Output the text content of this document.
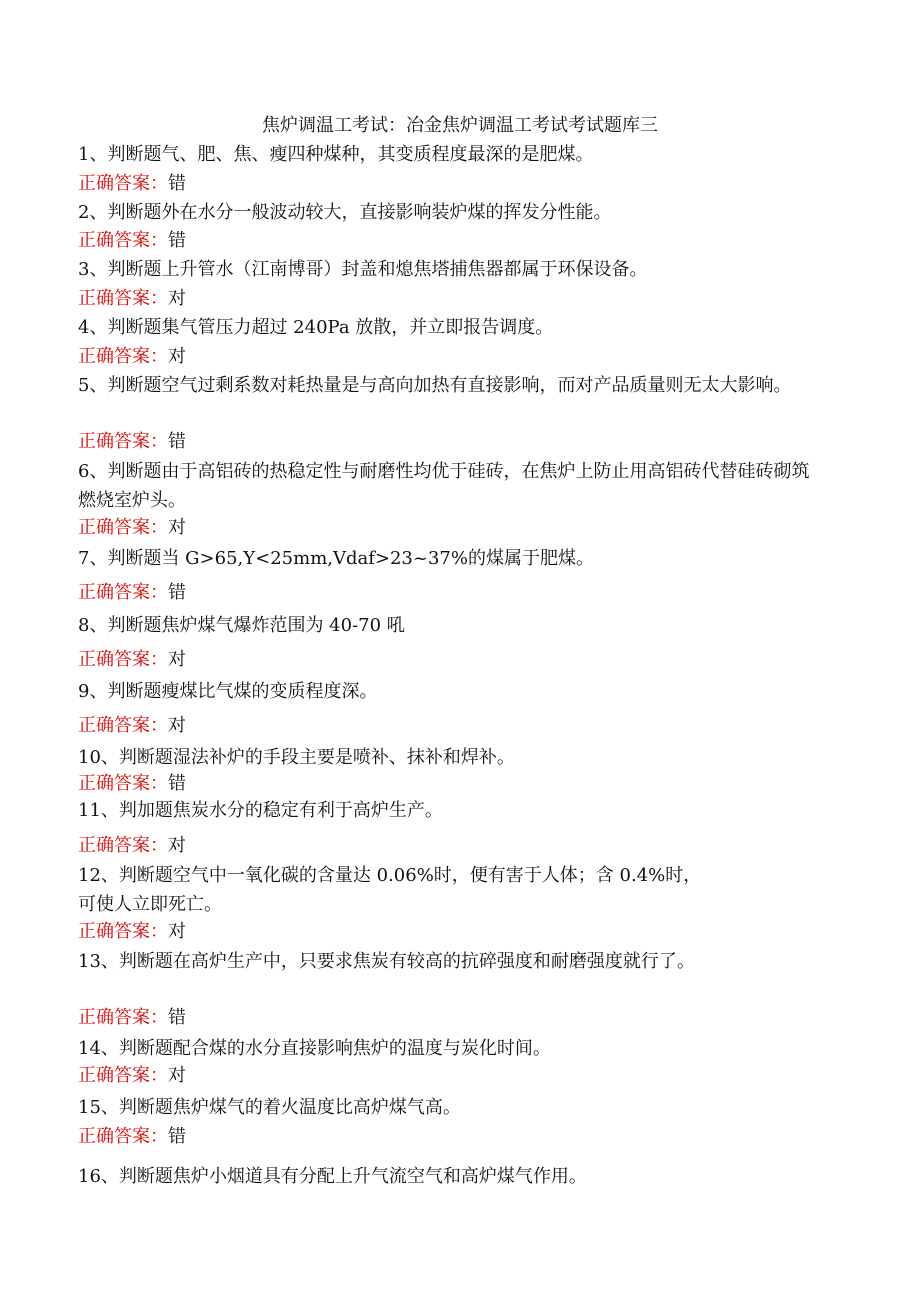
焦炉调温工考试：冶金焦炉调温工考试考试题库三
1、判断题气、肥、焦、瘦四种煤种，其变质程度最深的是肥煤。
正确答案：错
2、判断题外在水分一般波动较大，直接影响装炉煤的挥发分性能。
正确答案：错
3、判断题上升管水（江南博哥）封盖和熄焦塔捕焦器都属于环保设备。
正确答案：对
4、判断题集气管压力超过 240Pa 放散，并立即报告调度。
正确答案：对
5、判断题空气过剩系数对耗热量是与高向加热有直接影响，而对产品质量则无太大影响。
正确答案：错
6、判断题由于高铝砖的热稳定性与耐磨性均优于硅砖，在焦炉上防止用高铝砖代替硅砖砌筑燃烧室炉头。
正确答案：对
7、判断题当 G>65,Y<25mm,Vdaf>23~37%的煤属于肥煤。
正确答案：错
8、判断题焦炉煤气爆炸范围为 40-70 吼
正确答案：对
9、判断题瘦煤比气煤的变质程度深。
正确答案：对
10、判断题湿法补炉的手段主要是喷补、抹补和焊补。
正确答案：错
11、判加题焦炭水分的稳定有利于高炉生产。
正确答案：对
12、判断题空气中一氧化碳的含量达 0.06%时，便有害于人体；含 0.4%时，可使人立即死亡。
正确答案：对
13、判断题在高炉生产中，只要求焦炭有较高的抗碎强度和耐磨强度就行了。
正确答案：错
14、判断题配合煤的水分直接影响焦炉的温度与炭化时间。
正确答案：对
15、判断题焦炉煤气的着火温度比高炉煤气高。
正确答案：错
16、判断题焦炉小烟道具有分配上升气流空气和高炉煤气作用。
